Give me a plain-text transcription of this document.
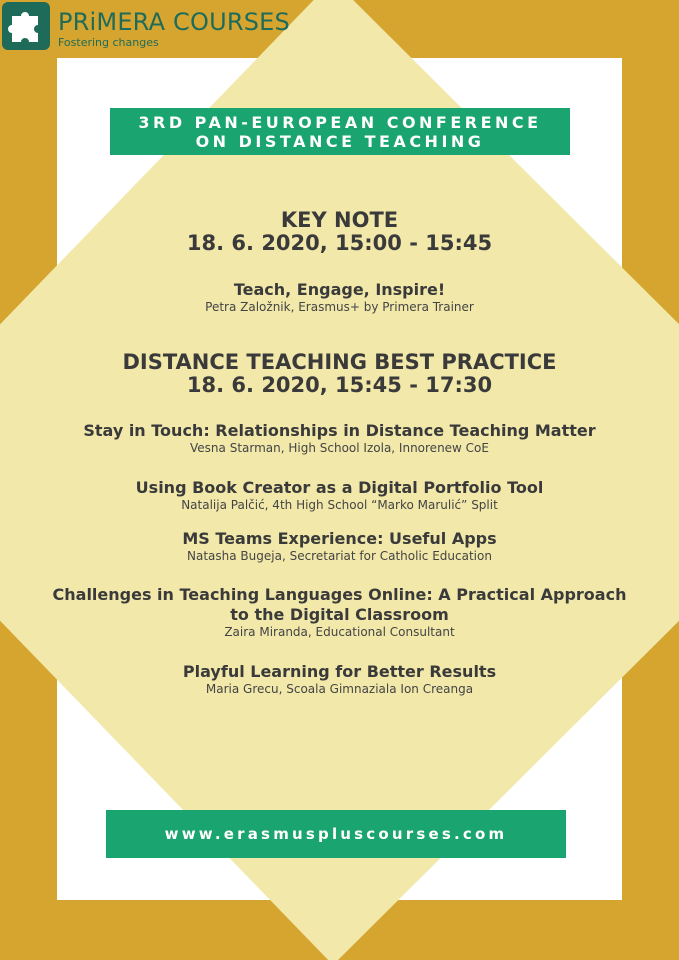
PRiMERA COURSES
Fostering changes
3RD PAN-EUROPEAN CONFERENCE
ON DISTANCE TEACHING
KEY NOTE
18. 6. 2020, 15:00 - 15:45
Teach, Engage, Inspire!
Petra Založnik, Erasmus+ by Primera Trainer
DISTANCE TEACHING BEST PRACTICE
18. 6. 2020, 15:45 - 17:30
Stay in Touch: Relationships in Distance Teaching Matter
Vesna Starman, High School Izola, Innorenew CoE
Using Book Creator as a Digital Portfolio Tool
Natalija Palčić, 4th High School “Marko Marulić” Split
MS Teams Experience: Useful Apps
Natasha Bugeja, Secretariat for Catholic Education
Challenges in Teaching Languages Online: A Practical Approach
to the Digital Classroom
Zaira Miranda, Educational Consultant
Playful Learning for Better Results
Maria Grecu, Scoala Gimnaziala Ion Creanga
www.erasmuspluscourses.com
